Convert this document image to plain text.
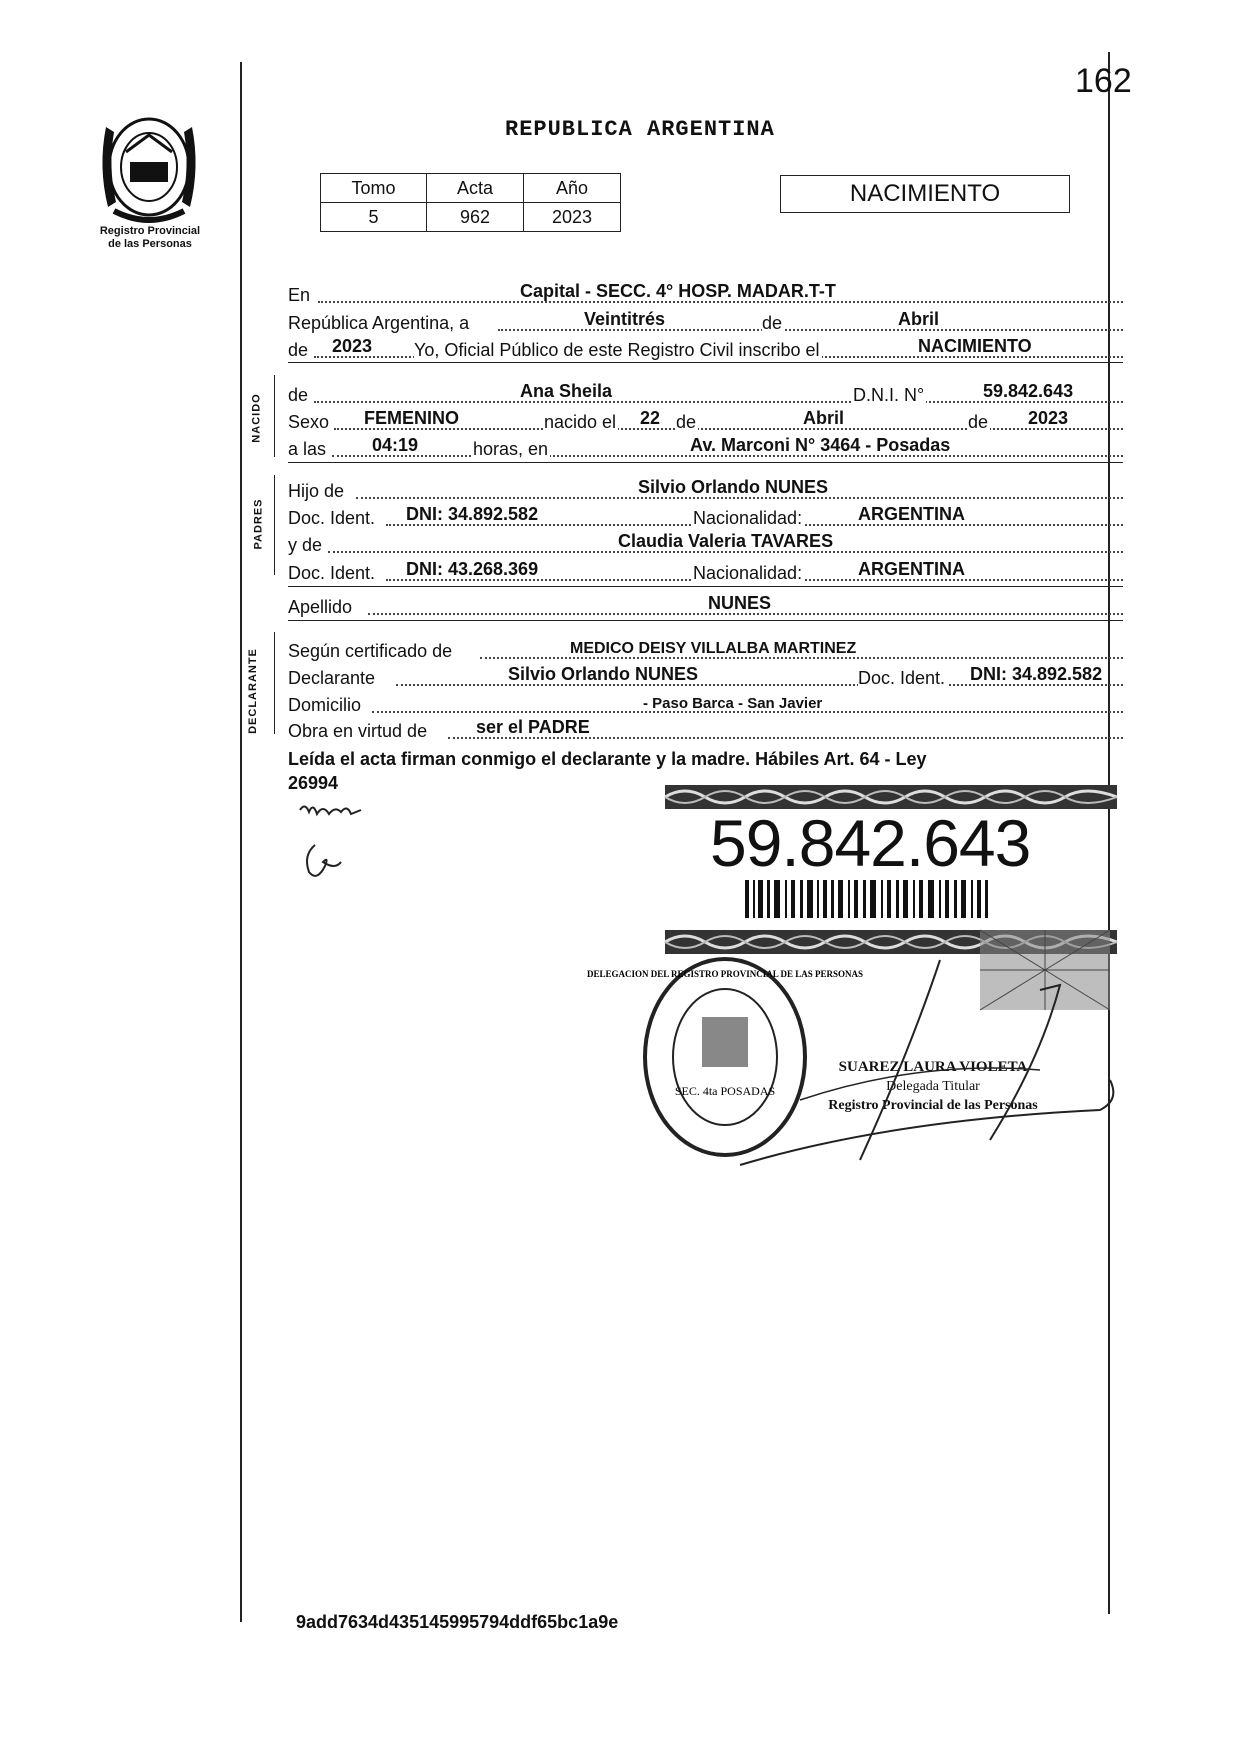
162
Registro Provincial
de las Personas
REPUBLICA ARGENTINA
Tomo	Acta	Año
5	962	2023
NACIMIENTO
En	Capital - SECC. 4° HOSP. MADAR.T-T
República Argentina, a	Veintitrés	de	Abril
de 2023 Yo, Oficial Público de este Registro Civil inscribo el	NACIMIENTO
NACIDO de	Ana Sheila	D.N.I. N°	59.842.643
Sexo FEMENINO	nacido el 22 de	Abril	de 2023
a las	04:19	horas, en	Av. Marconi N° 3464 - Posadas
PADRES
Hijo de	Silvio Orlando NUNES
Doc. Ident. DNI: 34.892.582	Nacionalidad:	ARGENTINA
y de	Claudia Valeria TAVARES
Doc. Ident. DNI: 43.268.369	Nacionalidad:	ARGENTINA
Apellido	NUNES
DECLARANTE Según certificado de	MEDICO DEISY VILLALBA MARTINEZ
Declarante	Silvio Orlando NUNES	Doc. Ident. DNI: 34.892.582
Domicilio	- Paso Barca - San Javier
Obra en virtud de	ser el PADRE
Leída el acta firman conmigo el declarante y la madre. Hábiles Art. 64 - Ley
26994
59.842.643
SEC. 4ta POSADAS
DELEGACION DEL REGISTRO PROVINCIAL DE LAS PERSONAS
SUAREZ LAURA VIOLETA
Delegada Titular
Registro Provincial de las Personas
9add7634d435145995794ddf65bc1a9e
